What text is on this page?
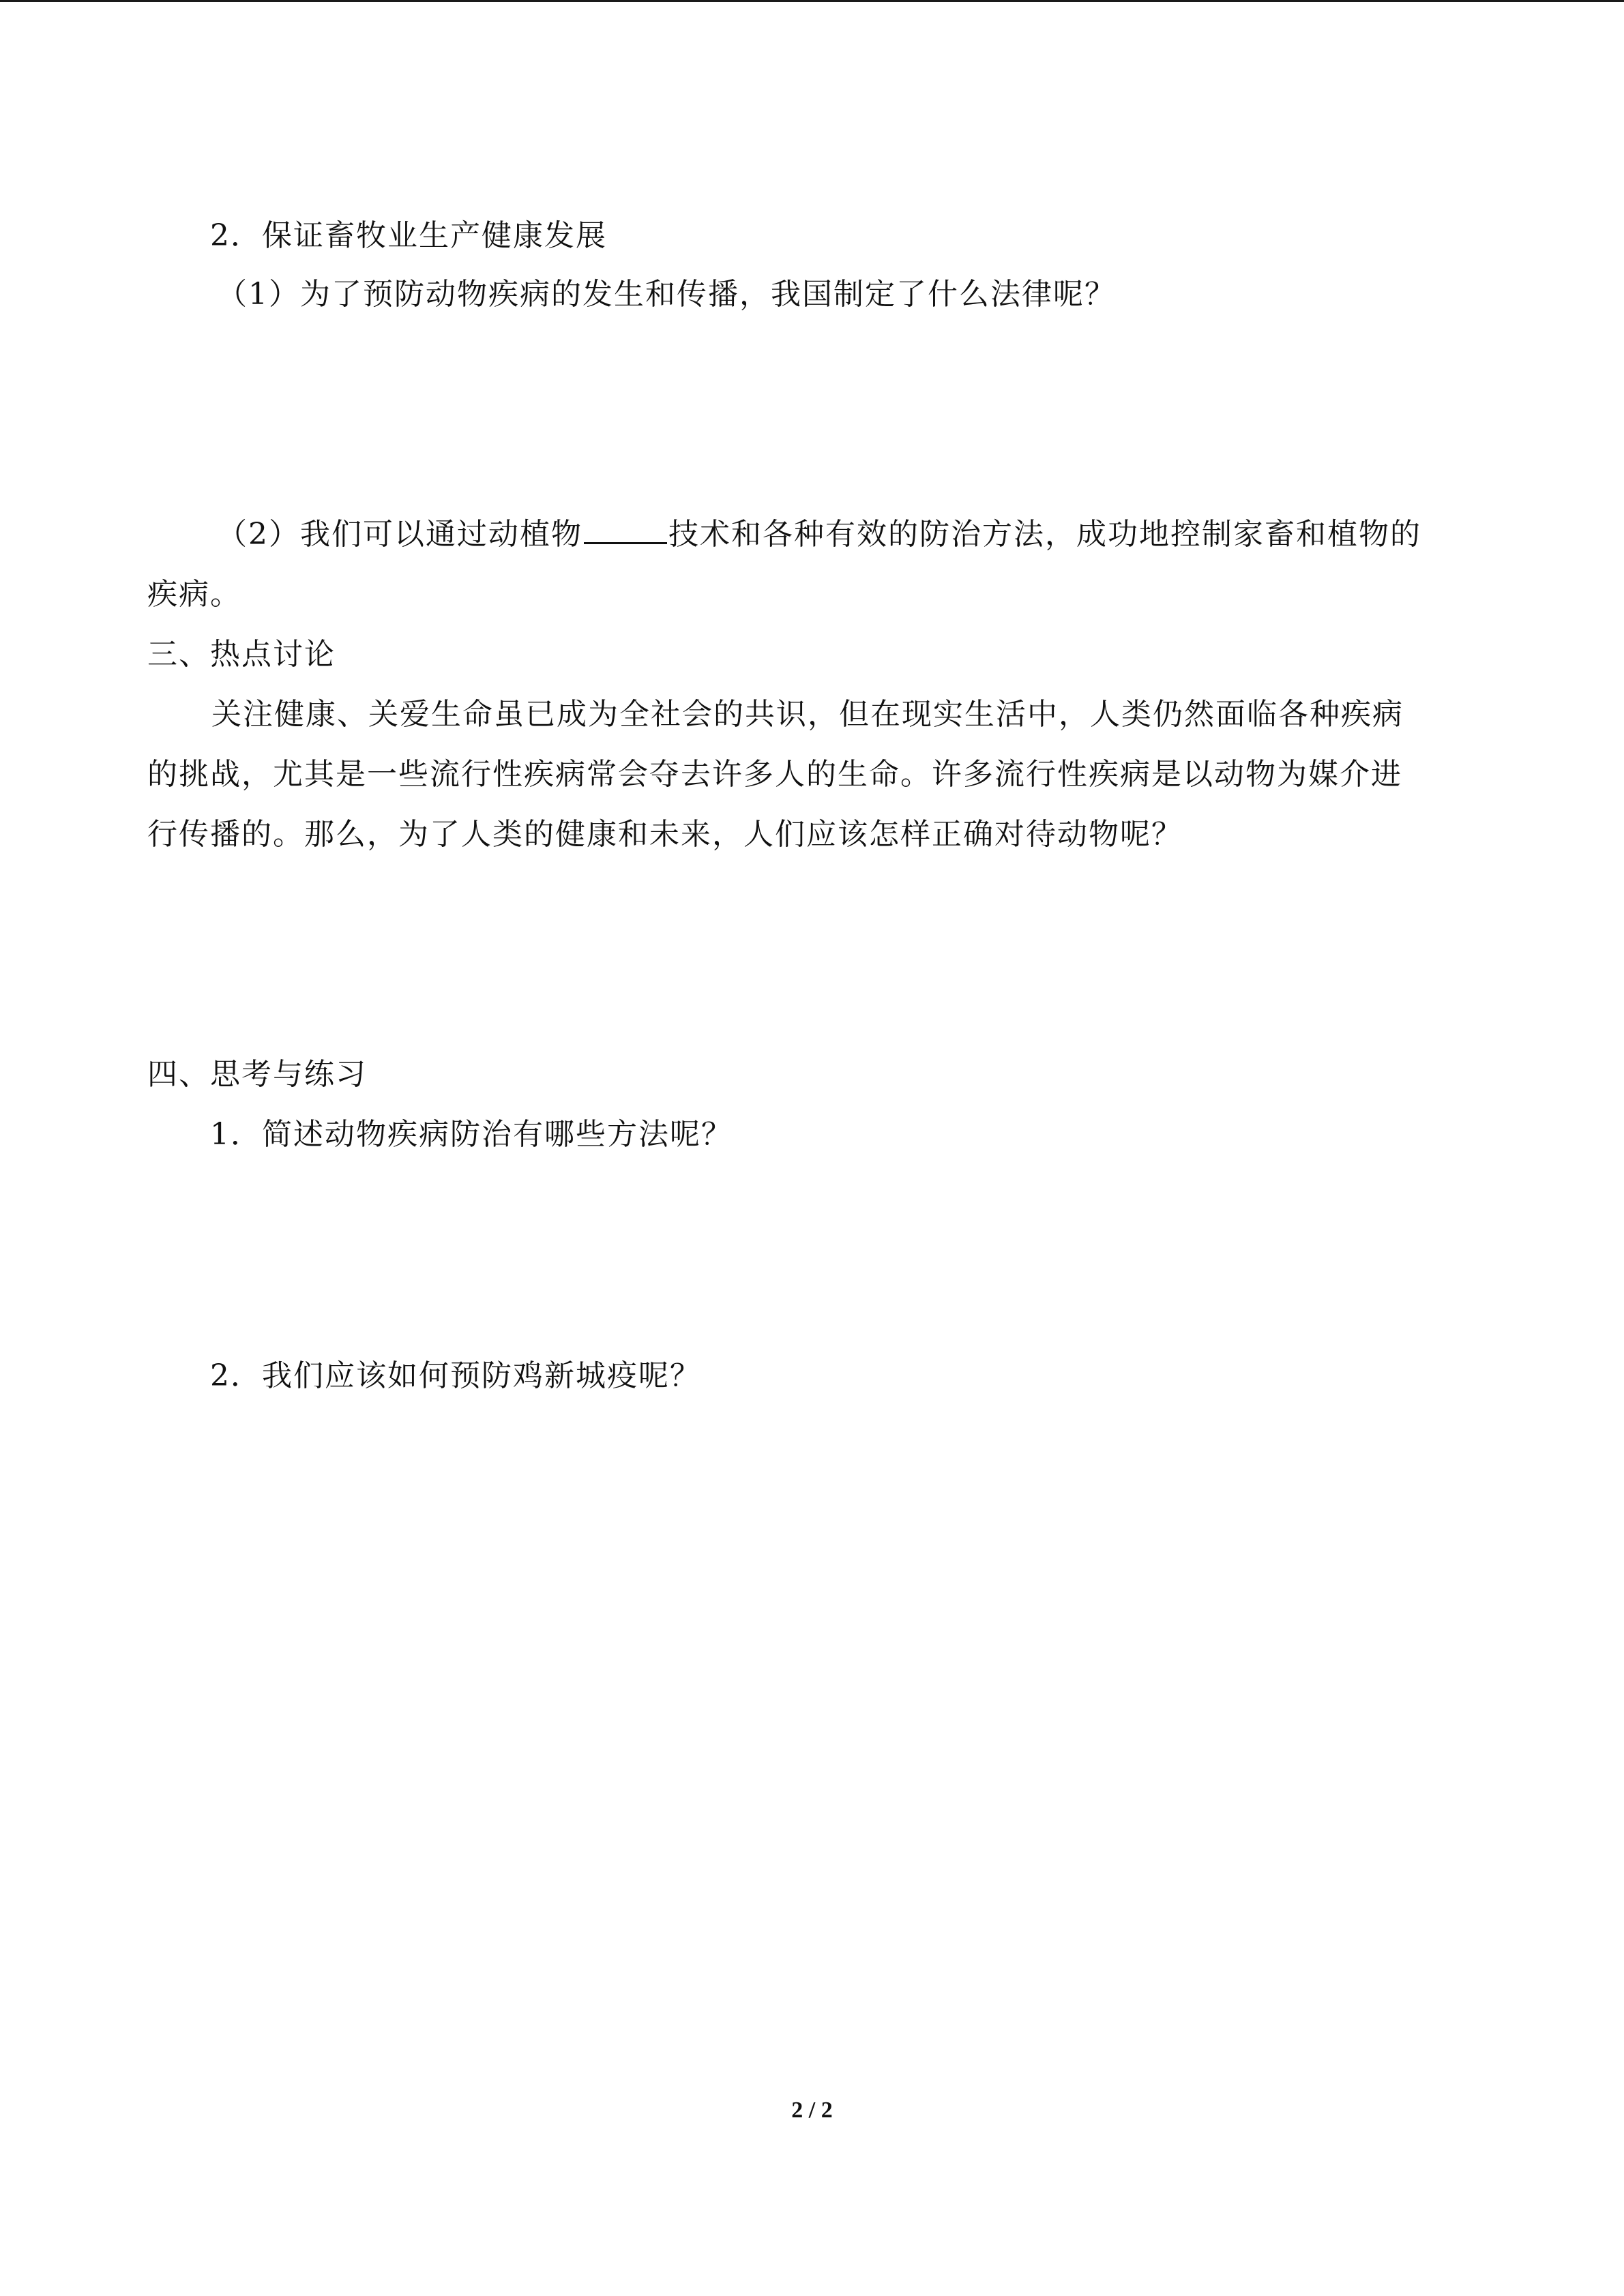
2．保证畜牧业生产健康发展
（1）为了预防动物疾病的发生和传播，我国制定了什么法律呢？
（2）我们可以通过动植物	技术和各种有效的防治方法，成功地控制家畜和植物的
疾病。
三、热点讨论
关注健康、关爱生命虽已成为全社会的共识，但在现实生活中，人类仍然面临各种疾病
的挑战，尤其是一些流行性疾病常会夺去许多人的生命。许多流行性疾病是以动物为媒介进
行传播的。那么，为了人类的健康和未来，人们应该怎样正确对待动物呢？
四、思考与练习
1．简述动物疾病防治有哪些方法呢？
2．我们应该如何预防鸡新城疫呢？
2 / 2
